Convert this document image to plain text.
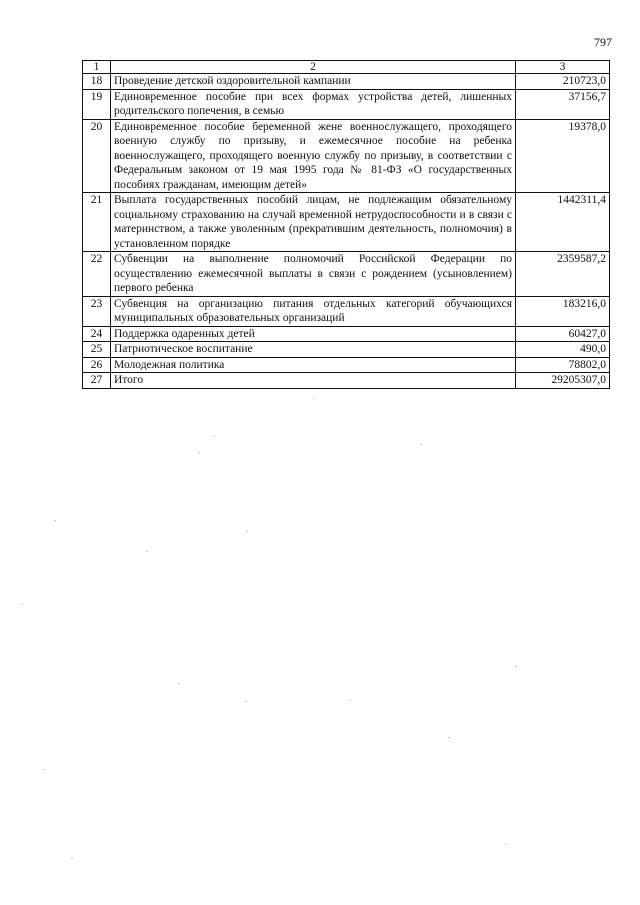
797
1	2	3
18	Проведение детской оздоровительной кампании	210723,0
19	Единовременное пособие при всех формах устройства детей, лишенных родительского попечения, в семью	37156,7
20	Единовременное пособие беременной жене военнослужащего, проходящего военную службу по призыву, и ежемесячное пособие на ребенка военнослужащего, проходящего военную службу по призыву, в соответствии с Федеральным законом от 19 мая 1995 года № 81-ФЗ «О государственных пособиях гражданам, имеющим детей»	19378,0
21	Выплата государственных пособий лицам, не подлежащим обязательному социальному страхованию на случай временной нетрудоспособности и в связи с материнством, а также уволенным (прекратившим деятельность, полномочия) в установленном порядке	1442311,4
22	Субвенции на выполнение полномочий Российской Федерации по осуществлению ежемесячной выплаты в связи с рождением (усыновлением) первого ребенка	2359587,2
23	Субвенция на организацию питания отдельных категорий обучающихся муниципальных образовательных организаций	183216,0
24	Поддержка одаренных детей	60427,0
25	Патриотическое воспитание	490,0
26	Молодежная политика	78802,0
27	Итого	29205307,0
